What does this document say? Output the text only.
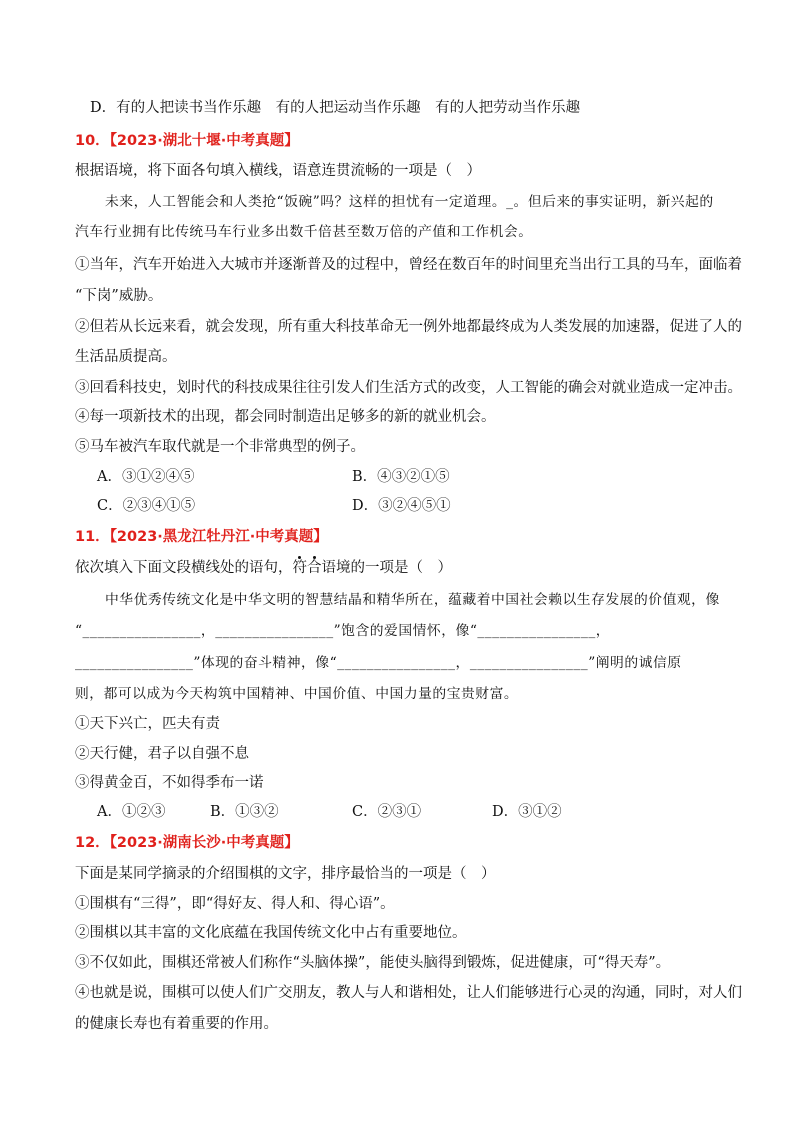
D．有的人把读书当作乐趣　有的人把运动当作乐趣　有的人把劳动当作乐趣
10．【2023·湖北十堰·中考真题】
根据语境，将下面各句填入横线，语意连贯流畅的一项是（　）
未来，人工智能会和人类抢“饭碗”吗？这样的担忧有一定道理。_。但后来的事实证明，新兴起的
汽车行业拥有比传统马车行业多出数千倍甚至数万倍的产值和工作机会。
①当年，汽车开始进入大城市并逐渐普及的过程中，曾经在数百年的时间里充当出行工具的马车，面临着
“下岗”威胁。
②但若从长远来看，就会发现，所有重大科技革命无一例外地都最终成为人类发展的加速器，促进了人的
生活品质提高。
③回看科技史，划时代的科技成果往往引发人们生活方式的改变，人工智能的确会对就业造成一定冲击。
④每一项新技术的出现，都会同时制造出足够多的新的就业机会。
⑤马车被汽车取代就是一个非常典型的例子。
A．③①②④⑤	B．④③②①⑤
C．②③④①⑤	D．③②④⑤①
11．【2023·黑龙江牡丹江·中考真题】
依次填入下面文段横线处的语句，符合语境的一项是（　）
中华优秀传统文化是中华文明的智慧结晶和精华所在，蕴藏着中国社会赖以生存发展的价值观，像
“________________，________________”饱含的爱国情怀，像“________________，
________________”体现的奋斗精神，像“________________，________________”阐明的诚信原
则，都可以成为今天构筑中国精神、中国价值、中国力量的宝贵财富。
①天下兴亡，匹夫有责
②天行健，君子以自强不息
③得黄金百，不如得季布一诺
A．①②③	B．①③②	C．②③①	D．③①②
12．【2023·湖南长沙·中考真题】
下面是某同学摘录的介绍围棋的文字，排序最恰当的一项是（　）
①围棋有“三得”，即“得好友、得人和、得心语”。
②围棋以其丰富的文化底蕴在我国传统文化中占有重要地位。
③不仅如此，围棋还常被人们称作“头脑体操”，能使头脑得到锻炼，促进健康，可“得天寿”。
④也就是说，围棋可以使人们广交朋友，教人与人和谐相处，让人们能够进行心灵的沟通，同时，对人们
的健康长寿也有着重要的作用。
